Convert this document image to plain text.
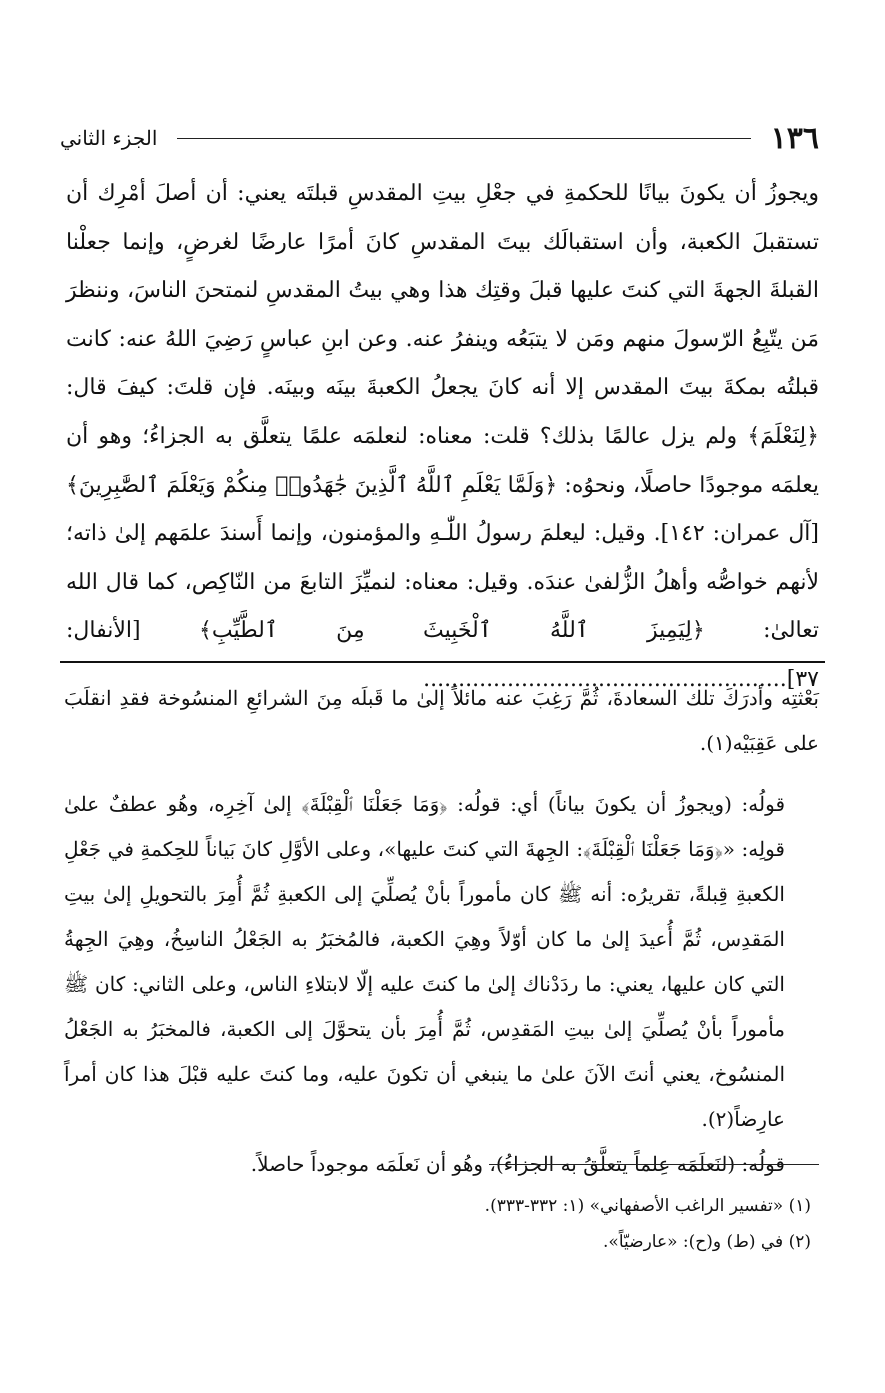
١٣٦
الجزء الثاني

ويجوزُ أن يكونَ بيانًا للحكمةِ في جعْلِ بيتِ المقدسِ قبلتَه يعني: أن أصلَ أمْرِك أن تستقبلَ الكعبة، وأن استقبالَك بيتَ المقدسِ كانَ أمرًا عارضًا لغرضٍ، وإنما جعلْنا القبلةَ الجهةَ التي كنتَ عليها قبلَ وقتِك هذا وهي بيتُ المقدسِ لنمتحنَ الناسَ، وننظرَ مَن يتّبِعُ الرّسولَ منهم ومَن لا يتبَعُه وينفرُ عنه. وعن ابنِ عباسٍ رَضِيَ اللهُ عنه: كانت قبلتُه بمكةَ بيتَ المقدس إلا أنه كانَ يجعلُ الكعبةَ بينَه وبينَه. فإن قلتَ: كيفَ قال: ﴿لِنَعْلَمَ﴾ ولم يزل عالمًا بذلك؟ قلت: معناه: لنعلمَه علمًا يتعلَّق به الجزاءُ؛ وهو أن يعلمَه موجودًا حاصلًا، ونحوُه: ﴿وَلَمَّا يَعْلَمِ ٱللَّهُ ٱلَّذِينَ جَٰهَدُوا۟ مِنكُمْ وَيَعْلَمَ ٱلصَّٰبِرِينَ﴾ [آل عمران: ١٤٢]. وقيل: ليعلمَ رسولُ اللّٰـهِ والمؤمنون، وإنما أَسندَ علمَهم إلىٰ ذاته؛ لأنهم خواصُّه وأهلُ الزُّلفىٰ عندَه. وقيل: معناه: لنميِّزَ التابعَ من النّاكِص، كما قال الله تعالىٰ: ﴿لِيَمِيزَ ٱللَّهُ ٱلْخَبِيثَ مِنَ ٱلطَّيِّبِ﴾ [الأنفال: ٣٧]....................................................

بَعْثتِه وأدرَكَ تلك السعادةَ، ثُمَّ رَغِبَ عنه مائلاً إلىٰ ما قَبلَه مِنَ الشرائعِ المنسُوخة فقدِ انقلَبَ على عَقِبَيْه(١).

قولُه: (ويجوزُ أن يكونَ بياناً) أي: قولُه: ﴿وَمَا جَعَلْنَا ٱلْقِبْلَةَ﴾ إلىٰ آخِرِه، وهُو عطفٌ علىٰ قولِه: «﴿وَمَا جَعَلْنَا ٱلْقِبْلَةَ﴾: الجِهةَ التي كنتَ عليها»، وعلى الأوَّلِ كانَ بَياناً للحِكمةِ في جَعْلِ الكعبةِ قِبلةً، تقريرُه: أنه ﷺ كان مأموراً بأنْ يُصلِّيَ إلى الكعبةِ ثُمَّ أُمِرَ بالتحويلِ إلىٰ بيتِ المَقدِس، ثُمَّ أُعيدَ إلىٰ ما كان أوّلاً وهِيَ الكعبة، فالمُخبَرُ به الجَعْلُ الناسِخُ، وهِيَ الجِهةُ التي كان عليها، يعني: ما ردَدْناك إلىٰ ما كنتَ عليه إلّا لابتلاءِ الناس، وعلى الثاني: كان ﷺ مأموراً بأنْ يُصلِّيَ إلىٰ بيتِ المَقدِس، ثُمَّ أُمِرَ بأن يتحوَّلَ إلى الكعبة، فالمخبَرُ به الجَعْلُ المنسُوخ، يعني أنتَ الآنَ علىٰ ما ينبغي أن تكونَ عليه، وما كنتَ عليه قبْلَ هذا كان أمراً عارِضاً(٢).

قولُه: (لنَعلَمَه عِلماً يتعلَّقُ به الجزاءُ)، وهُو أن نَعلَمَه موجوداً حاصلاً.

(١) «تفسير الراغب الأصفهاني» (١: ٣٣٢-٣٣٣).

(٢) في (ط) و(ح): «عارضيّاً».
